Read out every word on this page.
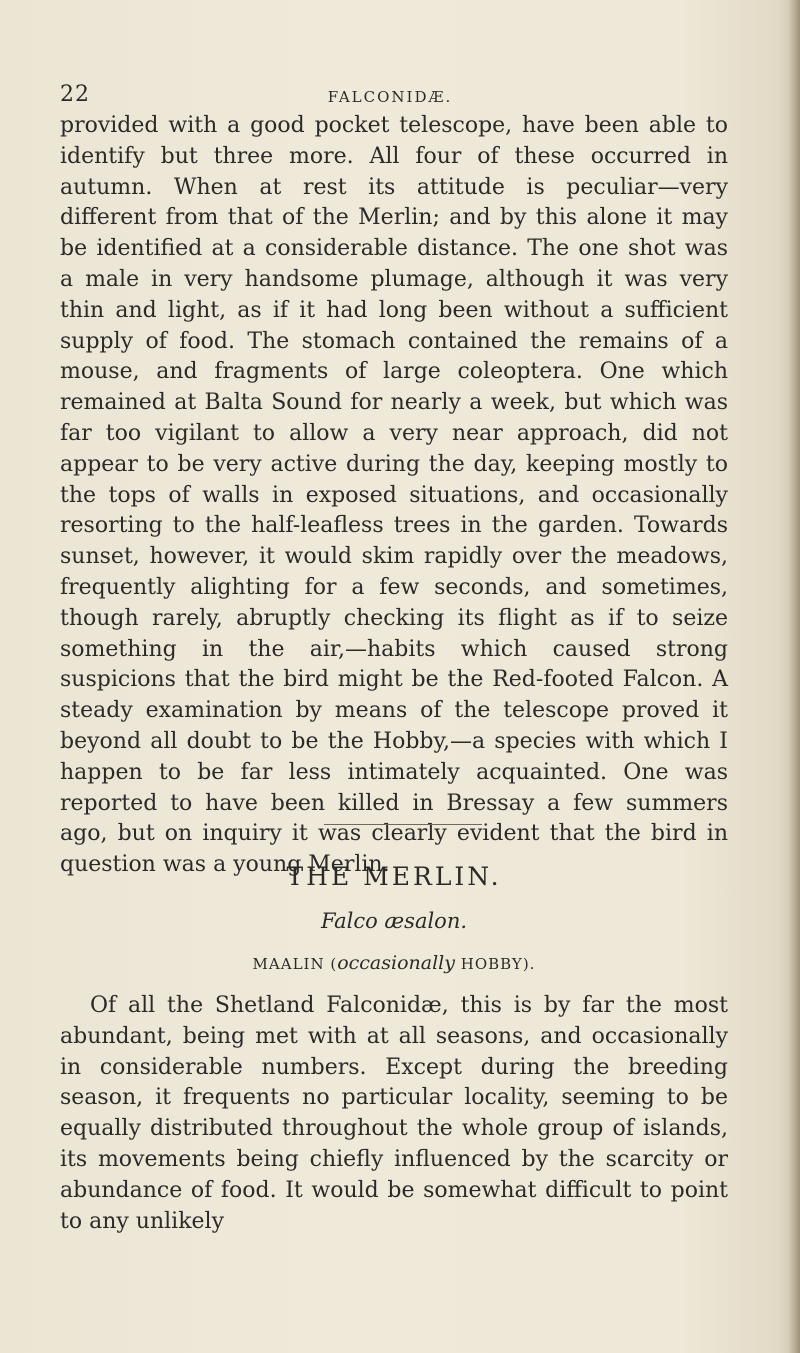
22	FALCONIDÆ.

provided with a good pocket telescope, have been able to identify but three more. All four of these occurred in autumn. When at rest its attitude is peculiar—very different from that of the Merlin; and by this alone it may be identified at a considerable distance. The one shot was a male in very handsome plumage, although it was very thin and light, as if it had long been without a sufficient supply of food. The stomach contained the remains of a mouse, and fragments of large coleoptera. One which remained at Balta Sound for nearly a week, but which was far too vigilant to allow a very near approach, did not appear to be very active during the day, keeping mostly to the tops of walls in exposed situations, and occasionally resorting to the half-leafless trees in the garden. Towards sunset, however, it would skim rapidly over the meadows, frequently alighting for a few seconds, and sometimes, though rarely, abruptly checking its flight as if to seize something in the air,—habits which caused strong suspicions that the bird might be the Red-footed Falcon. A steady examination by means of the telescope proved it beyond all doubt to be the Hobby,—a species with which I happen to be far less intimately acquainted. One was reported to have been killed in Bressay a few summers ago, but on inquiry it was clearly evident that the bird in question was a young Merlin.

THE MERLIN.
Falco æsalon.
MAALIN (occasionally HOBBY).

Of all the Shetland Falconidæ, this is by far the most abundant, being met with at all seasons, and occasionally in considerable numbers. Except during the breeding season, it frequents no particular locality, seeming to be equally distributed throughout the whole group of islands, its movements being chiefly influenced by the scarcity or abundance of food. It would be somewhat difficult to point to any unlikely
